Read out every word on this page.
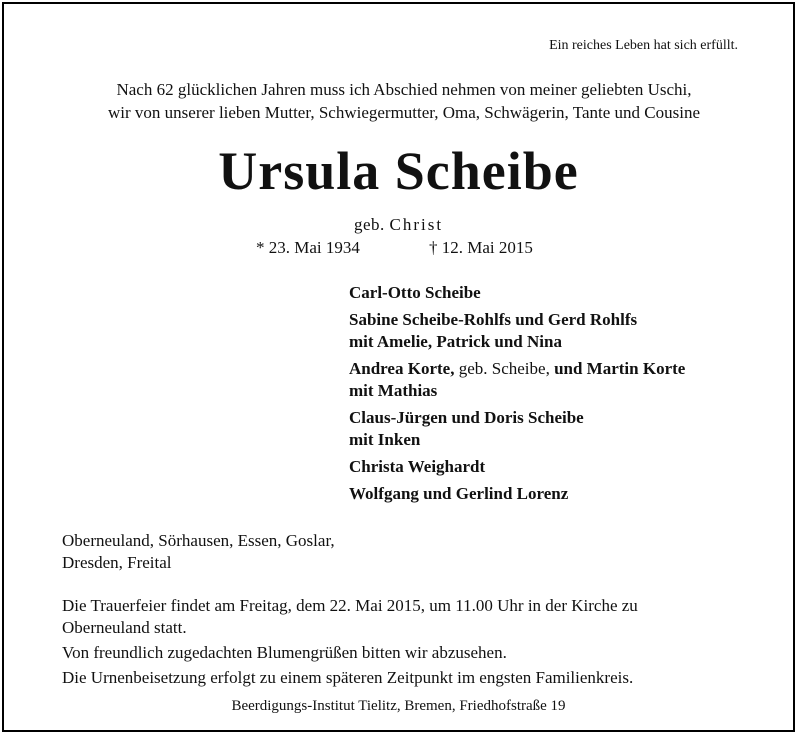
Ein reiches Leben hat sich erfüllt.
Nach 62 glücklichen Jahren muss ich Abschied nehmen von meiner geliebten Uschi,
wir von unserer lieben Mutter, Schwiegermutter, Oma, Schwägerin, Tante und Cousine
Ursula Scheibe
geb. Christ
* 23. Mai 1934	† 12. Mai 2015
Carl-Otto Scheibe
Sabine Scheibe-Rohlfs und Gerd Rohlfs
mit Amelie, Patrick und Nina
Andrea Korte, geb. Scheibe, und Martin Korte
mit Mathias
Claus-Jürgen und Doris Scheibe
mit Inken
Christa Weighardt
Wolfgang und Gerlind Lorenz
Oberneuland, Sörhausen, Essen, Goslar,
Dresden, Freital

Die Trauerfeier findet am Freitag, dem 22. Mai 2015, um 11.00 Uhr in der Kirche zu
Oberneuland statt.

Von freundlich zugedachten Blumengrüßen bitten wir abzusehen.

Die Urnenbeisetzung erfolgt zu einem späteren Zeitpunkt im engsten Familienkreis.

Beerdigungs-Institut Tielitz, Bremen, Friedhofstraße 19
